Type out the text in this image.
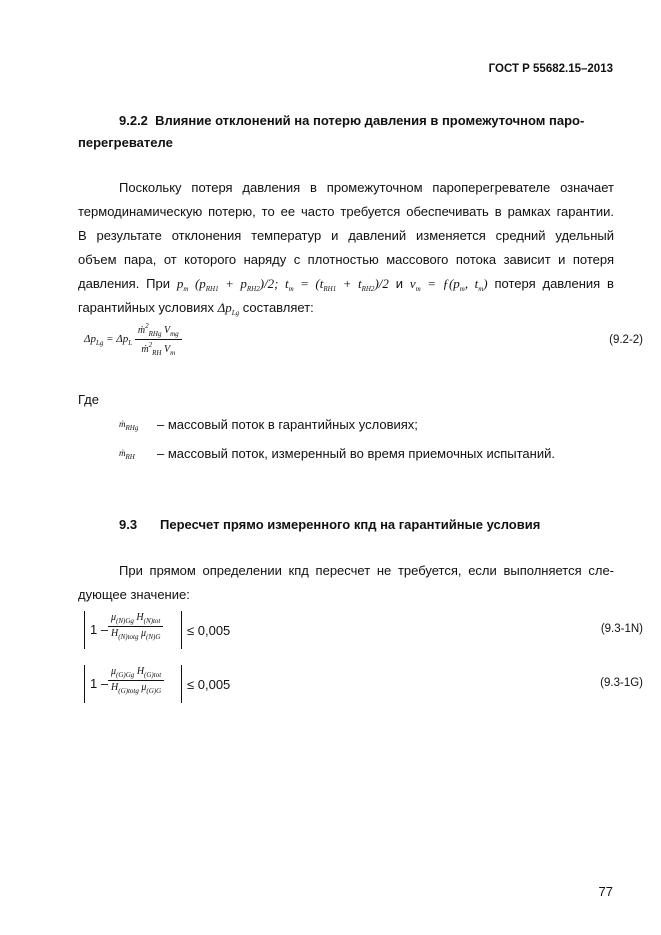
ГОСТ Р 55682.15–2013
9.2.2 Влияние отклонений на потерю давления в промежуточном паро-
перегревателе
Поскольку потеря давления в промежуточном пароперегревателе означает
термодинамическую потерю, то ее часто требуется обеспечивать в рамках гарантии.
В результате отклонения температур и давлений изменяется средний удельный
объем пара, от которого наряду с плотностью массового потока зависит и потеря
давления. При $p_m$ $(p_{RH1} + p_{RH2})/2$; $t_m = (t_{RH1} + t_{RH2})/2$ и $v_m$ = $ƒ(p_m$, $t_m$) потеря давления в
гарантийных условиях $\Delta p_{Lg}$ составляет:
$\Delta p_{Lg} = \Delta p_L \frac{ṁ^2_{RHg} V_{mg}}{ṁ^2_{RH} V_m}$	(9.2-2)
Где
ṁ$_{RHg}$ – массовый поток в гарантийных условиях;
ṁ$_{RH}$ – массовый поток, измеренный во время приемочных испытаний.
9.3 Пересчет прямо измеренного кпд на гарантийные условия
При прямом определении кпд пересчет не требуется, если выполняется сле-
дующее значение:
$1 - \frac{\mu_{(N)Gg} H_{(N)tot}}{H_{(N)totg} \mu_{(N)G}} \le 0,005$	(9.3-1N)
$1 - \frac{\mu_{(G)Gg} H_{(G)tot}}{H_{(G)totg} \mu_{(G)G}} \le 0,005$	(9.3-1G)
77
